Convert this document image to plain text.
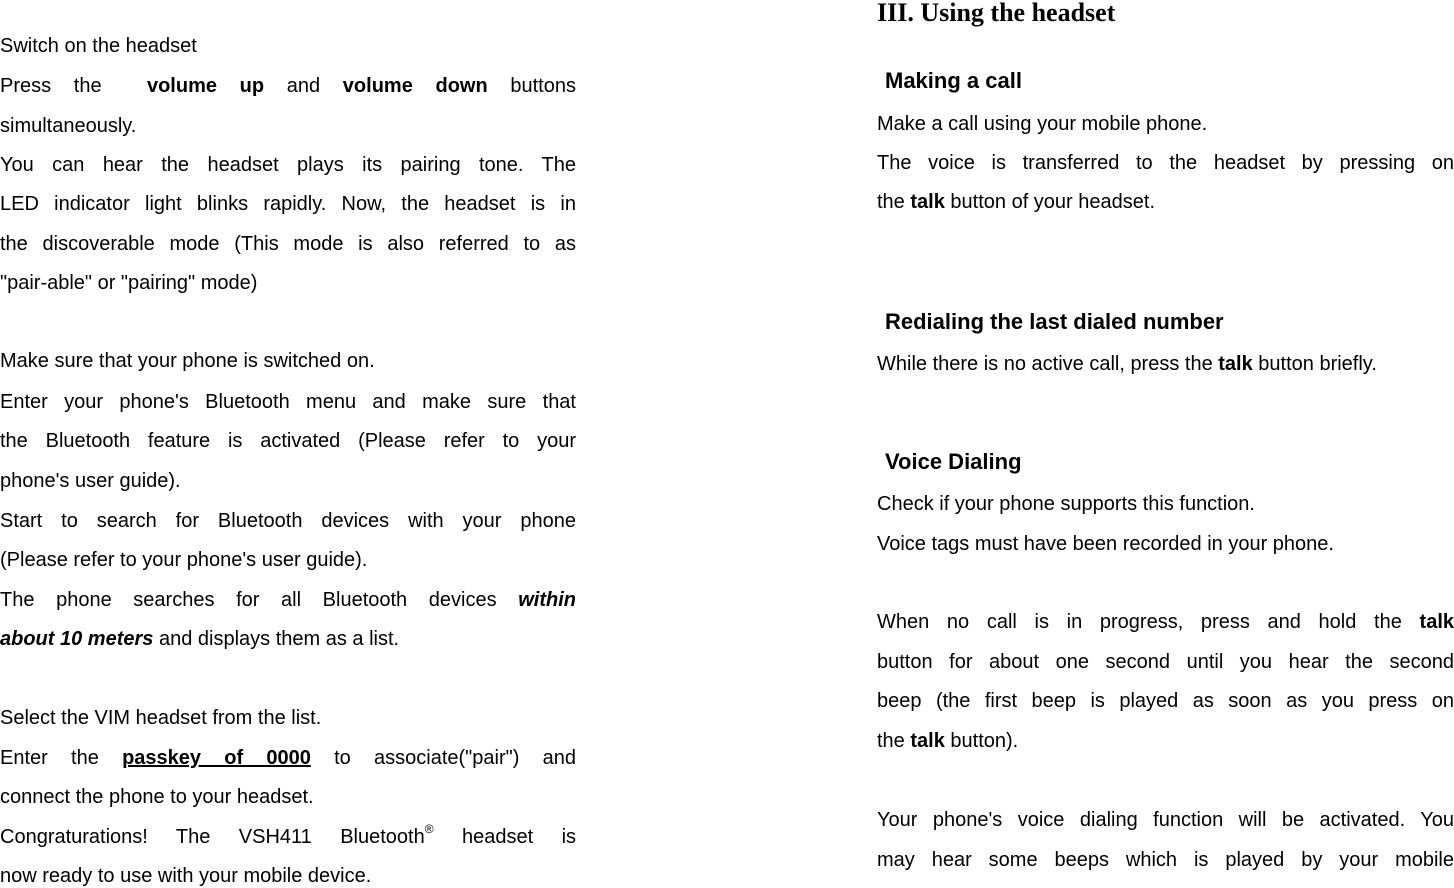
Switch on the headset
Press the volume up and volume down buttons
simultaneously.
You can hear the headset plays its pairing tone. The
LED indicator light blinks rapidly. Now, the headset is in
the discoverable mode (This mode is also referred to as
"pair-able" or "pairing" mode)
Make sure that your phone is switched on.
Enter your phone's Bluetooth menu and make sure that
the Bluetooth feature is activated (Please refer to your
phone's user guide).
Start to search for Bluetooth devices with your phone
(Please refer to your phone's user guide).
The phone searches for all Bluetooth devices within
about 10 meters and displays them as a list.
Select the VIM headset from the list.
Enter the passkey of 0000 to associate("pair") and
connect the phone to your headset.
Congraturations! The VSH411 Bluetooth® headset is
now ready to use with your mobile device.
III. Using the headset
Making a call
Make a call using your mobile phone.
The voice is transferred to the headset by pressing on
the talk button of your headset.
Redialing the last dialed number
While there is no active call, press the talk button briefly.
Voice Dialing
Check if your phone supports this function.
Voice tags must have been recorded in your phone.
When no call is in progress, press and hold the talk
button for about one second until you hear the second
beep (the first beep is played as soon as you press on
the talk button).
Your phone's voice dialing function will be activated. You
may hear some beeps which is played by your mobile
